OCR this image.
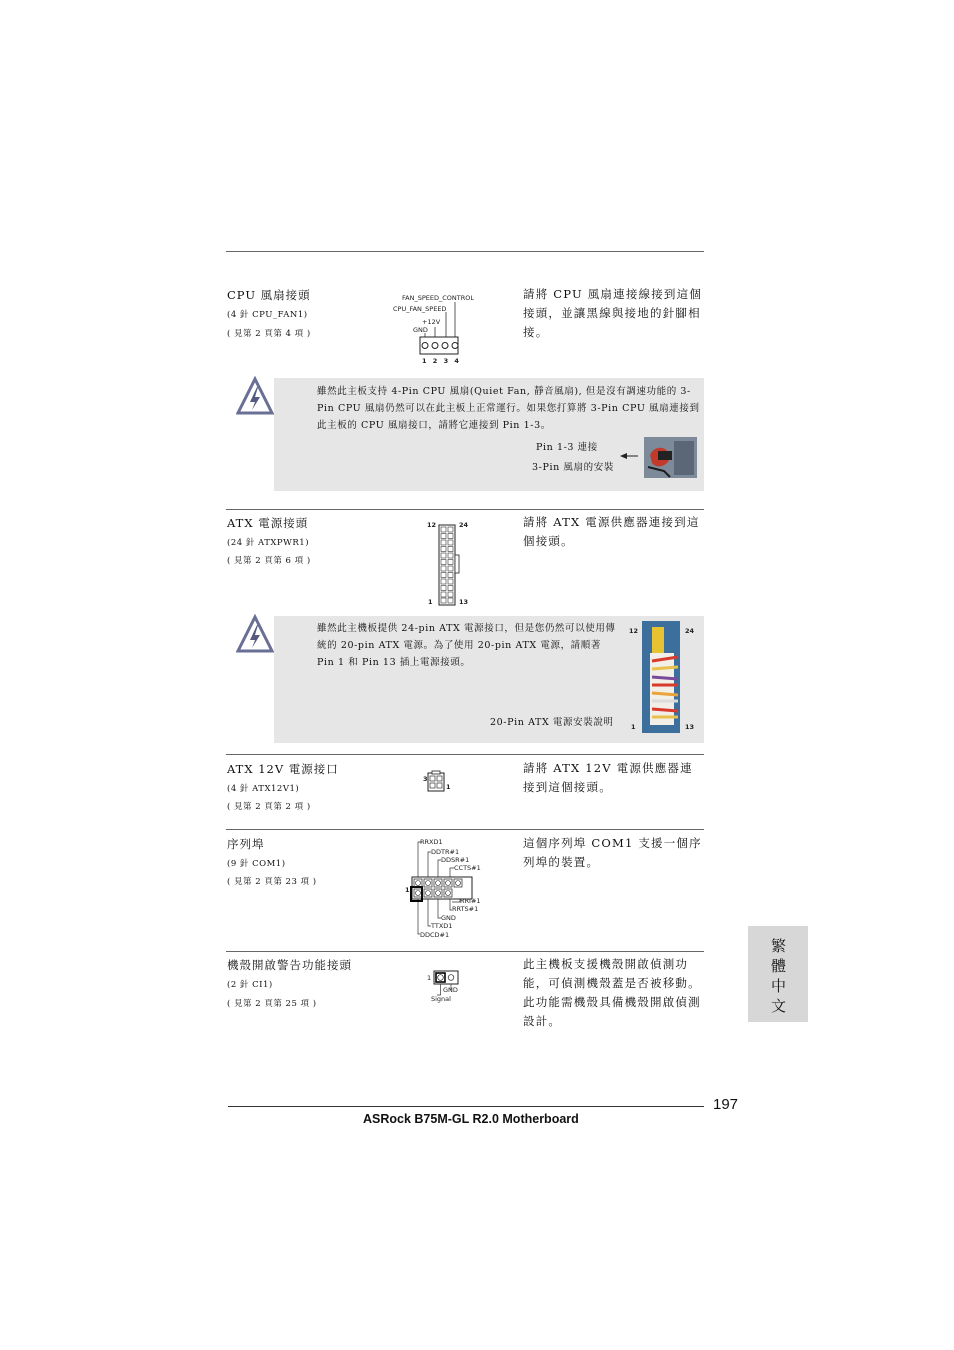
CPU 風扇接頭
(4 針 CPU_FAN1)
( 見第 2 頁第 4 項 )
請將 CPU 風扇連接線接到這個接頭，並讓黑線與接地的針腳相接。
FAN_SPEED_CONTROL
CPU_FAN_SPEED
+12V
GND
1 2 3 4
雖然此主板支持 4-Pin CPU 風扇(Quiet Fan, 靜音風扇), 但是沒有調速功能的 3-Pin CPU 風扇仍然可以在此主板上正常運行。如果您打算將 3-Pin CPU 風扇連接到此主板的 CPU 風扇接口，請將它連接到 Pin 1-3。
Pin 1-3 連接
3-Pin 風扇的安裝
ATX 電源接頭
(24 針 ATXPWR1)
( 見第 2 頁第 6 項 )
請將 ATX 電源供應器連接到這個接頭。
12	24
1	13
雖然此主機板提供 24-pin ATX 電源接口，但是您仍然可以使用傳統的 20-pin ATX 電源。為了使用 20-pin ATX 電源，請順著 Pin 1 和 Pin 13 插上電源接頭。
20-Pin ATX 電源安裝說明
12	24
1	13
ATX 12V 電源接口
(4 針 ATX12V1)
( 見第 2 頁第 2 項 )
請將 ATX 12V 電源供應器連接到這個接頭。
3
1
序列埠
(9 針 COM1)
( 見第 2 頁第 23 項 )
這個序列埠 COM1 支援一個序列埠的裝置。
RRXD1
DDTR#1
DDSR#1
CCTS#1
1
RRI#1
RRTS#1
GND
TTXD1
DDCD#1
機殼開啟警告功能接頭
(2 針 CI1)
( 見第 2 頁第 25 項 )
此主機板支援機殼開啟偵測功能，可偵測機殼蓋是否被移動。此功能需機殼具備機殼開啟偵測設計。
1
GND
Signal	繁體中文
197
ASRock B75M-GL R2.0 Motherboard
